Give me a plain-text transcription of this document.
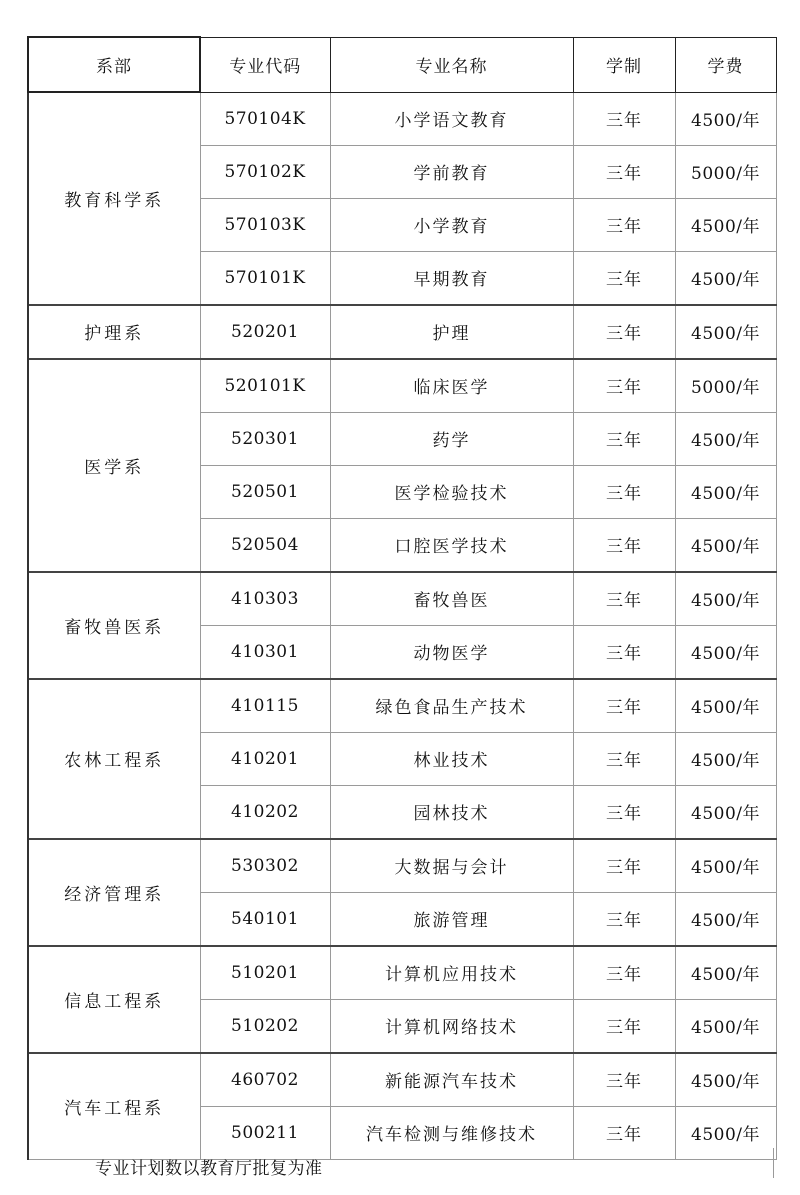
系部	专业代码	专业名称	学制	学费
教育科学系	570104K	小学语文教育	三年	4500/年
	570102K	学前教育	三年	5000/年
	570103K	小学教育	三年	4500/年
	570101K	早期教育	三年	4500/年
护理系	520201	护理	三年	4500/年
医学系	520101K	临床医学	三年	5000/年
	520301	药学	三年	4500/年
	520501	医学检验技术	三年	4500/年
	520504	口腔医学技术	三年	4500/年
畜牧兽医系	410303	畜牧兽医	三年	4500/年
	410301	动物医学	三年	4500/年
农林工程系	410115	绿色食品生产技术	三年	4500/年
	410201	林业技术	三年	4500/年
	410202	园林技术	三年	4500/年
经济管理系	530302	大数据与会计	三年	4500/年
	540101	旅游管理	三年	4500/年
信息工程系	510201	计算机应用技术	三年	4500/年
	510202	计算机网络技术	三年	4500/年
汽车工程系	460702	新能源汽车技术	三年	4500/年
	500211	汽车检测与维修技术	三年	4500/年
专业计划数以教育厅批复为准
